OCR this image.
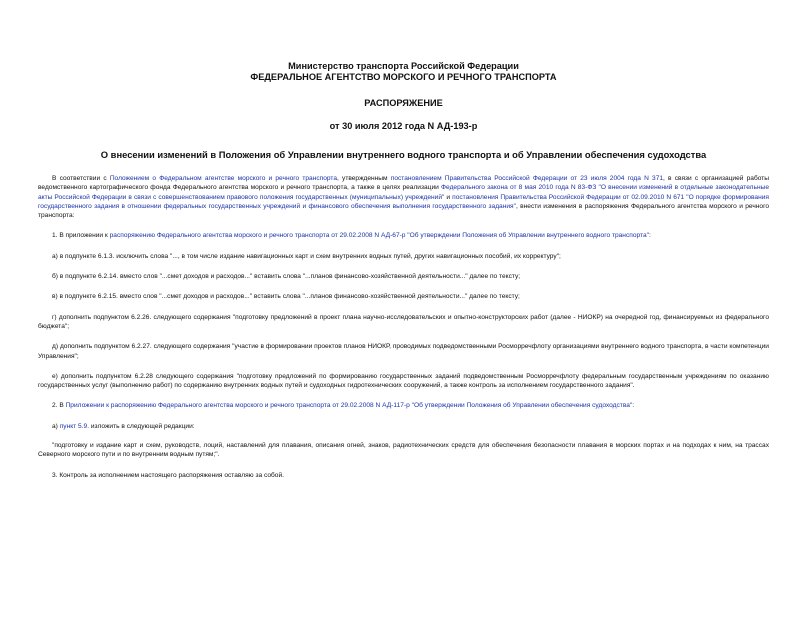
Министерство транспорта Российской Федерации
ФЕДЕРАЛЬНОЕ АГЕНТСТВО МОРСКОГО И РЕЧНОГО ТРАНСПОРТА
РАСПОРЯЖЕНИЕ
от 30 июля 2012 года N АД-193-р
О внесении изменений в Положения об Управлении внутреннего водного транспорта и об Управлении обеспечения судоходства

В соответствии с Положением о Федеральном агентстве морского и речного транспорта, утвержденным постановлением Правительства Российской Федерации от 23 июля 2004 года N 371, в связи с организацией работы ведомственного картографического фонда Федерального агентства морского и речного транспорта, а также в целях реализации Федерального закона от 8 мая 2010 года N 83-ФЗ "О внесении изменений в отдельные законодательные акты Российской Федерации в связи с совершенствованием правового положения государственных (муниципальных) учреждений" и постановления Правительства Российской Федерации от 02.09.2010 N 671 "О порядке формирования государственного задания в отношении федеральных государственных учреждений и финансового обеспечения выполнения государственного задания", внести изменения в распоряжения Федерального агентства морского и речного транспорта:

1. В приложении к распоряжению Федерального агентства морского и речного транспорта от 29.02.2008 N АД-67-р "Об утверждении Положения об Управлении внутреннего водного транспорта":

а) в подпункте 6.1.3. исключить слова "..., в том числе издание навигационных карт и схем внутренних водных путей, других навигационных пособий, их корректуру";

б) в подпункте 6.2.14. вместо слов "...смет доходов и расходов..." вставить слова "...планов финансово-хозяйственной деятельности..." далее по тексту;

в) в подпункте 6.2.15. вместо слов "...смет доходов и расходов..." вставить слова "...планов финансово-хозяйственной деятельности..." далее по тексту;

г) дополнить подпунктом 6.2.26. следующего содержания "подготовку предложений в проект плана научно-исследовательских и опытно-конструкторских работ (далее - НИОКР) на очередной год, финансируемых из федерального бюджета";

д) дополнить подпунктом 6.2.27. следующего содержания "участие в формировании проектов планов НИОКР, проводимых подведомственными Росморречфлоту организациями внутреннего водного транспорта, в части компетенции Управления";

е) дополнить подпунктом 6.2.28 следующего содержания "подготовку предложений по формированию государственных заданий подведомственным Росморречфлоту федеральным государственным учреждениям по оказанию государственных услуг (выполнению работ) по содержанию внутренних водных путей и судоходных гидротехнических сооружений, а также контроль за исполнением государственного задания".

2. В Приложении к распоряжению Федерального агентства морского и речного транспорта от 29.02.2008 N АД-117-р "Об утверждении Положения об Управлении обеспечения судоходства":

а) пункт 5.9. изложить в следующей редакции:

"подготовку и издание карт и схем, руководств, лоций, наставлений для плавания, описания огней, знаков, радиотехнических средств для обеспечения безопасности плавания в морских портах и на подходах к ним, на трассах Северного морского пути и по внутренним водным путям;".

3. Контроль за исполнением настоящего распоряжения оставляю за собой.
